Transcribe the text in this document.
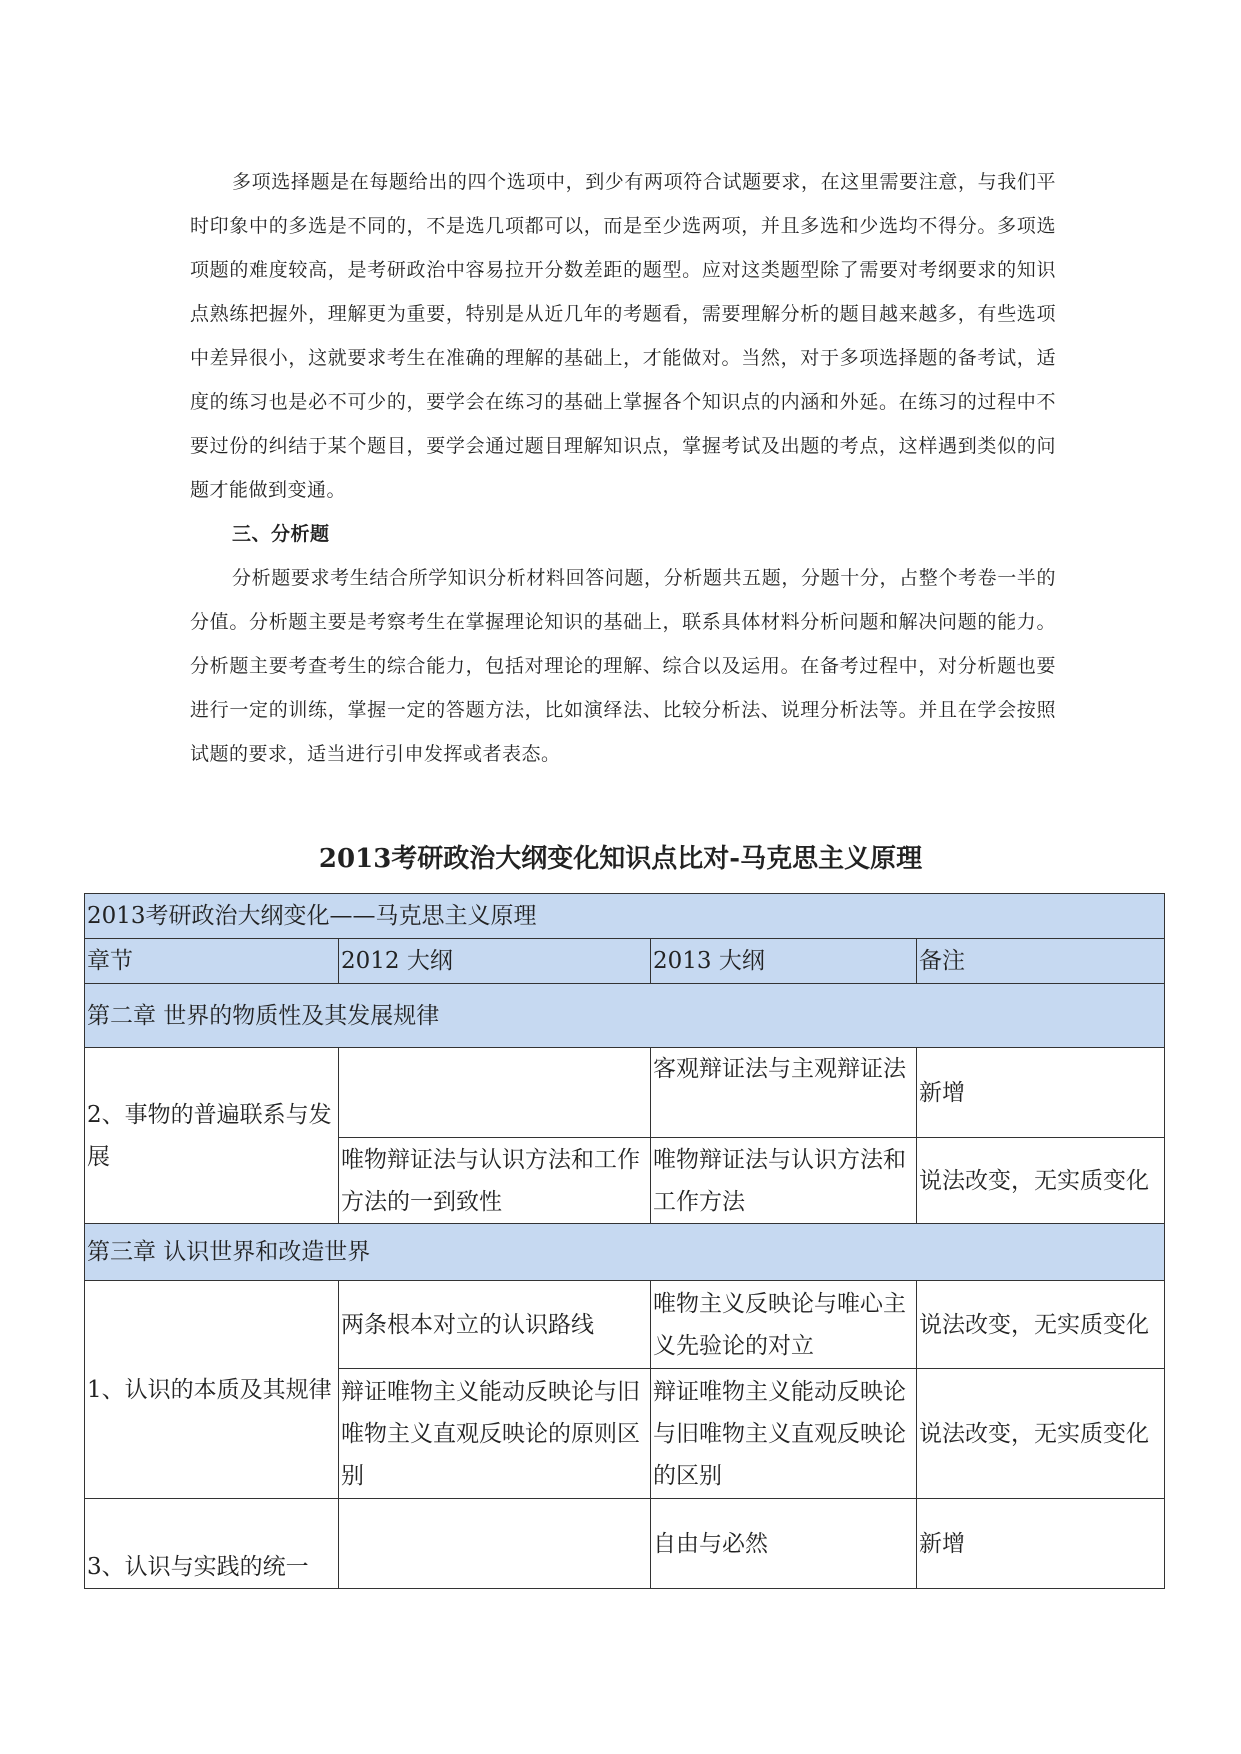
多项选择题是在每题给出的四个选项中，到少有两项符合试题要求，在这里需要注意，与我们平时印象中的多选是不同的，不是选几项都可以，而是至少选两项，并且多选和少选均不得分。多项选项题的难度较高，是考研政治中容易拉开分数差距的题型。应对这类题型除了需要对考纲要求的知识点熟练把握外，理解更为重要，特别是从近几年的考题看，需要理解分析的题目越来越多，有些选项中差异很小，这就要求考生在准确的理解的基础上，才能做对。当然，对于多项选择题的备考试，适度的练习也是必不可少的，要学会在练习的基础上掌握各个知识点的内涵和外延。在练习的过程中不要过份的纠结于某个题目，要学会通过题目理解知识点，掌握考试及出题的考点，这样遇到类似的问题才能做到变通。

三、分析题

分析题要求考生结合所学知识分析材料回答问题，分析题共五题，分题十分，占整个考卷一半的分值。分析题主要是考察考生在掌握理论知识的基础上，联系具体材料分析问题和解决问题的能力。分析题主要考查考生的综合能力，包括对理论的理解、综合以及运用。在备考过程中，对分析题也要进行一定的训练，掌握一定的答题方法，比如演绎法、比较分析法、说理分析法等。并且在学会按照试题的要求，适当进行引申发挥或者表态。

2013考研政治大纲变化知识点比对-马克思主义原理
2013考研政治大纲变化——马克思主义原理			
章节	2012 大纲	2013 大纲	备注
第二章 世界的物质性及其发展规律			
2、事物的普遍联系与发展		客观辩证法与主观辩证法	新增
	唯物辩证法与认识方法和工作方法的一到致性	唯物辩证法与认识方法和工作方法	说法改变，无实质变化
第三章 认识世界和改造世界			
1、认识的本质及其规律	两条根本对立的认识路线	唯物主义反映论与唯心主义先验论的对立	说法改变，无实质变化
	辩证唯物主义能动反映论与旧唯物主义直观反映论的原则区别	辩证唯物主义能动反映论与旧唯物主义直观反映论的区别	说法改变，无实质变化
3、认识与实践的统一		自由与必然	新增
